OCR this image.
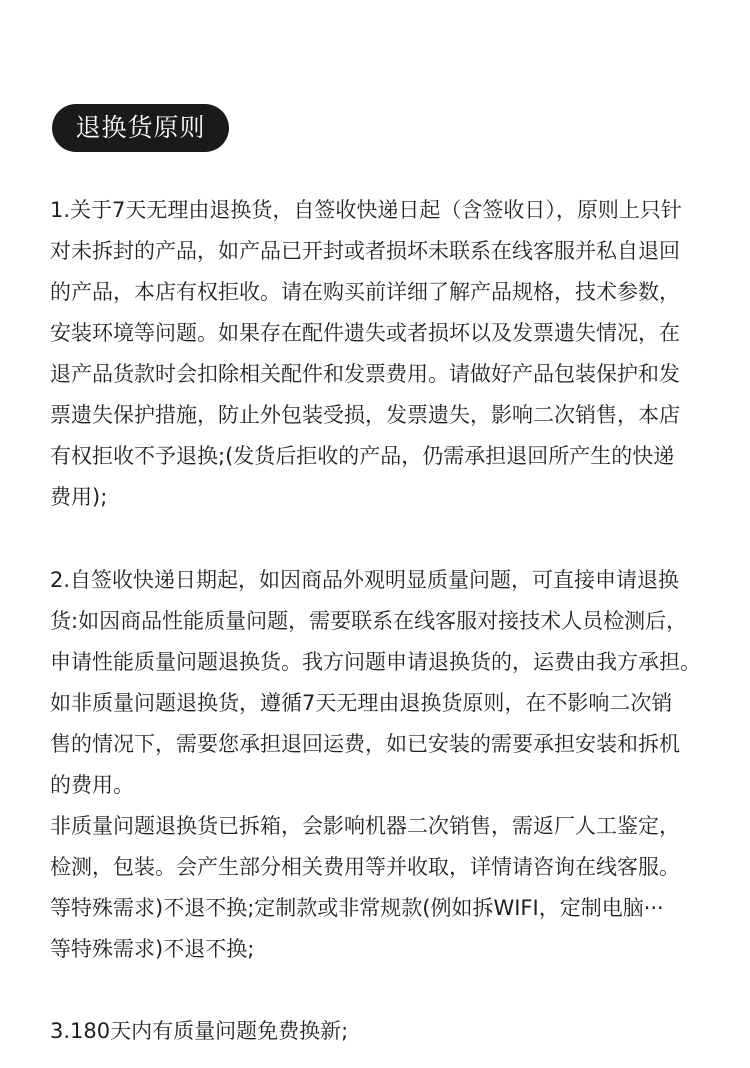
退换货原则
1.关于7天无理由退换货，自签收快递日起（含签收日），原则上只针
对未拆封的产品，如产品已开封或者损坏未联系在线客服并私自退回
的产品，本店有权拒收。请在购买前详细了解产品规格，技术参数，
安装环境等问题。如果存在配件遗失或者损坏以及发票遗失情况，在
退产品货款时会扣除相关配件和发票费用。请做好产品包装保护和发
票遗失保护措施，防止外包装受损，发票遗失，影响二次销售，本店
有权拒收不予退换;(发货后拒收的产品，仍需承担退回所产生的快递
费用);
2.自签收快递日期起，如因商品外观明显质量问题，可直接申请退换
货:如因商品性能质量问题，需要联系在线客服对接技术人员检测后，
申请性能质量问题退换货。我方问题申请退换货的，运费由我方承担。
如非质量问题退换货，遵循7天无理由退换货原则，在不影响二次销
售的情况下，需要您承担退回运费，如已安装的需要承担安装和拆机
的费用。
非质量问题退换货已拆箱，会影响机器二次销售，需返厂人工鉴定，
检测，包装。会产生部分相关费用等并收取，详情请咨询在线客服。
等特殊需求)不退不换;定制款或非常规款(例如拆WIFI，定制电脑···
等特殊需求)不退不换;
3.180天内有质量问题免费换新;
